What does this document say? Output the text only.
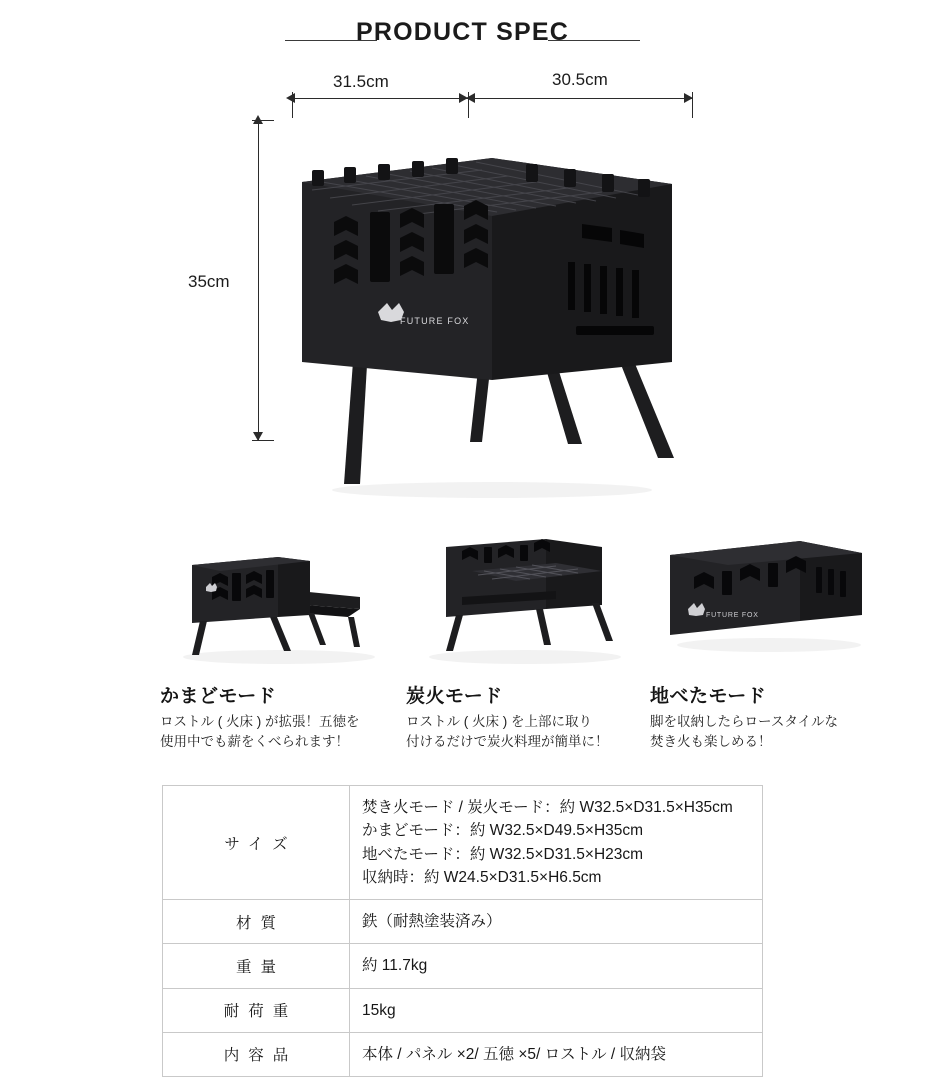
PRODUCT SPEC
31.5cm	30.5cm
35cm
FUTURE FOX
かまどモード
ロストル ( 火床 ) が拡張！五徳を
使用中でも薪をくべられます！
炭火モード
ロストル ( 火床 ) を上部に取り
付けるだけで炭火料理が簡単に！
FUTURE FOX
地べたモード
脚を収納したらロースタイルな
焚き火も楽しめる！
サイズ	焚き火モード / 炭火モード：約 W32.5×D31.5×H35cm
かまどモード：約 W32.5×D49.5×H35cm
地べたモード：約 W32.5×D31.5×H23cm
収納時：約 W24.5×D31.5×H6.5cm

材質	鉄（耐熱塗装済み）

重量	約 11.7kg

耐荷重	15kg

内容品	本体 / パネル ×2/ 五徳 ×5/ ロストル / 収納袋
